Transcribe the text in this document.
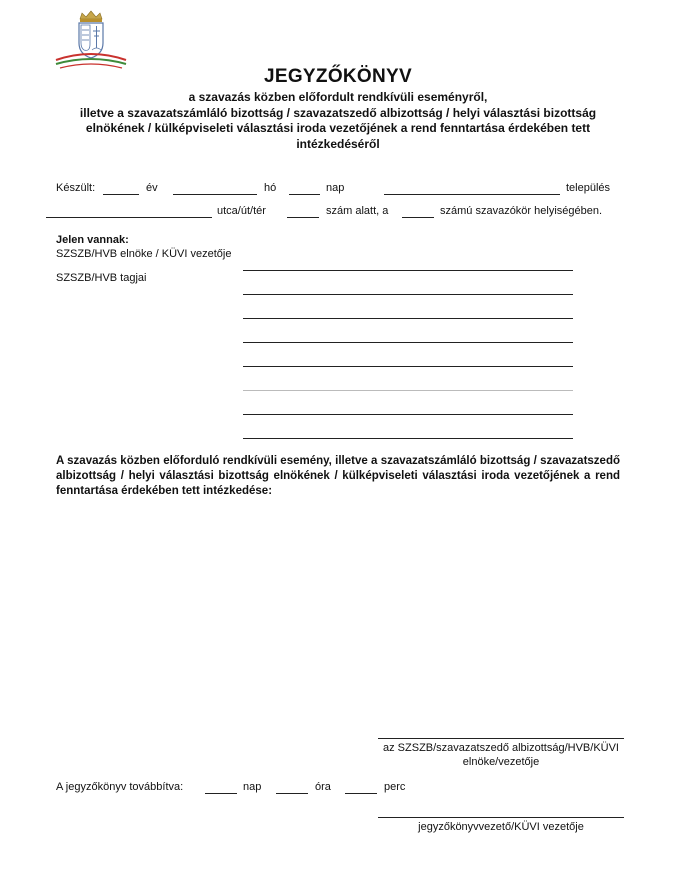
JEGYZŐKÖNYV
a szavazás közben előfordult rendkívüli eseményről,
illetve a szavazatszámláló bizottság / szavazatszedő albizottság / helyi választási bizottság
elnökének / külképviseleti választási iroda vezetőjének a rend fenntartása érdekében tett
intézkedéséről
Készült:	év	hó	nap	település
utca/út/tér	szám alatt, a	számú szavazókör helyiségében.
Jelen vannak:
SZSZB/HVB elnöke / KÜVI vezetője
SZSZB/HVB tagjai
A szavazás közben előforduló rendkívüli esemény, illetve a szavazatszámláló bizottság / szavazatszedő albizottság / helyi választási bizottság elnökének / külképviseleti választási iroda vezetőjének a rend fenntartása érdekében tett intézkedése:
az SZSZB/szavazatszedő albizottság/HVB/KÜVI
elnöke/vezetője
A jegyzőkönyv továbbítva:	nap	óra	perc
jegyzőkönyvvezető/KÜVI vezetője
